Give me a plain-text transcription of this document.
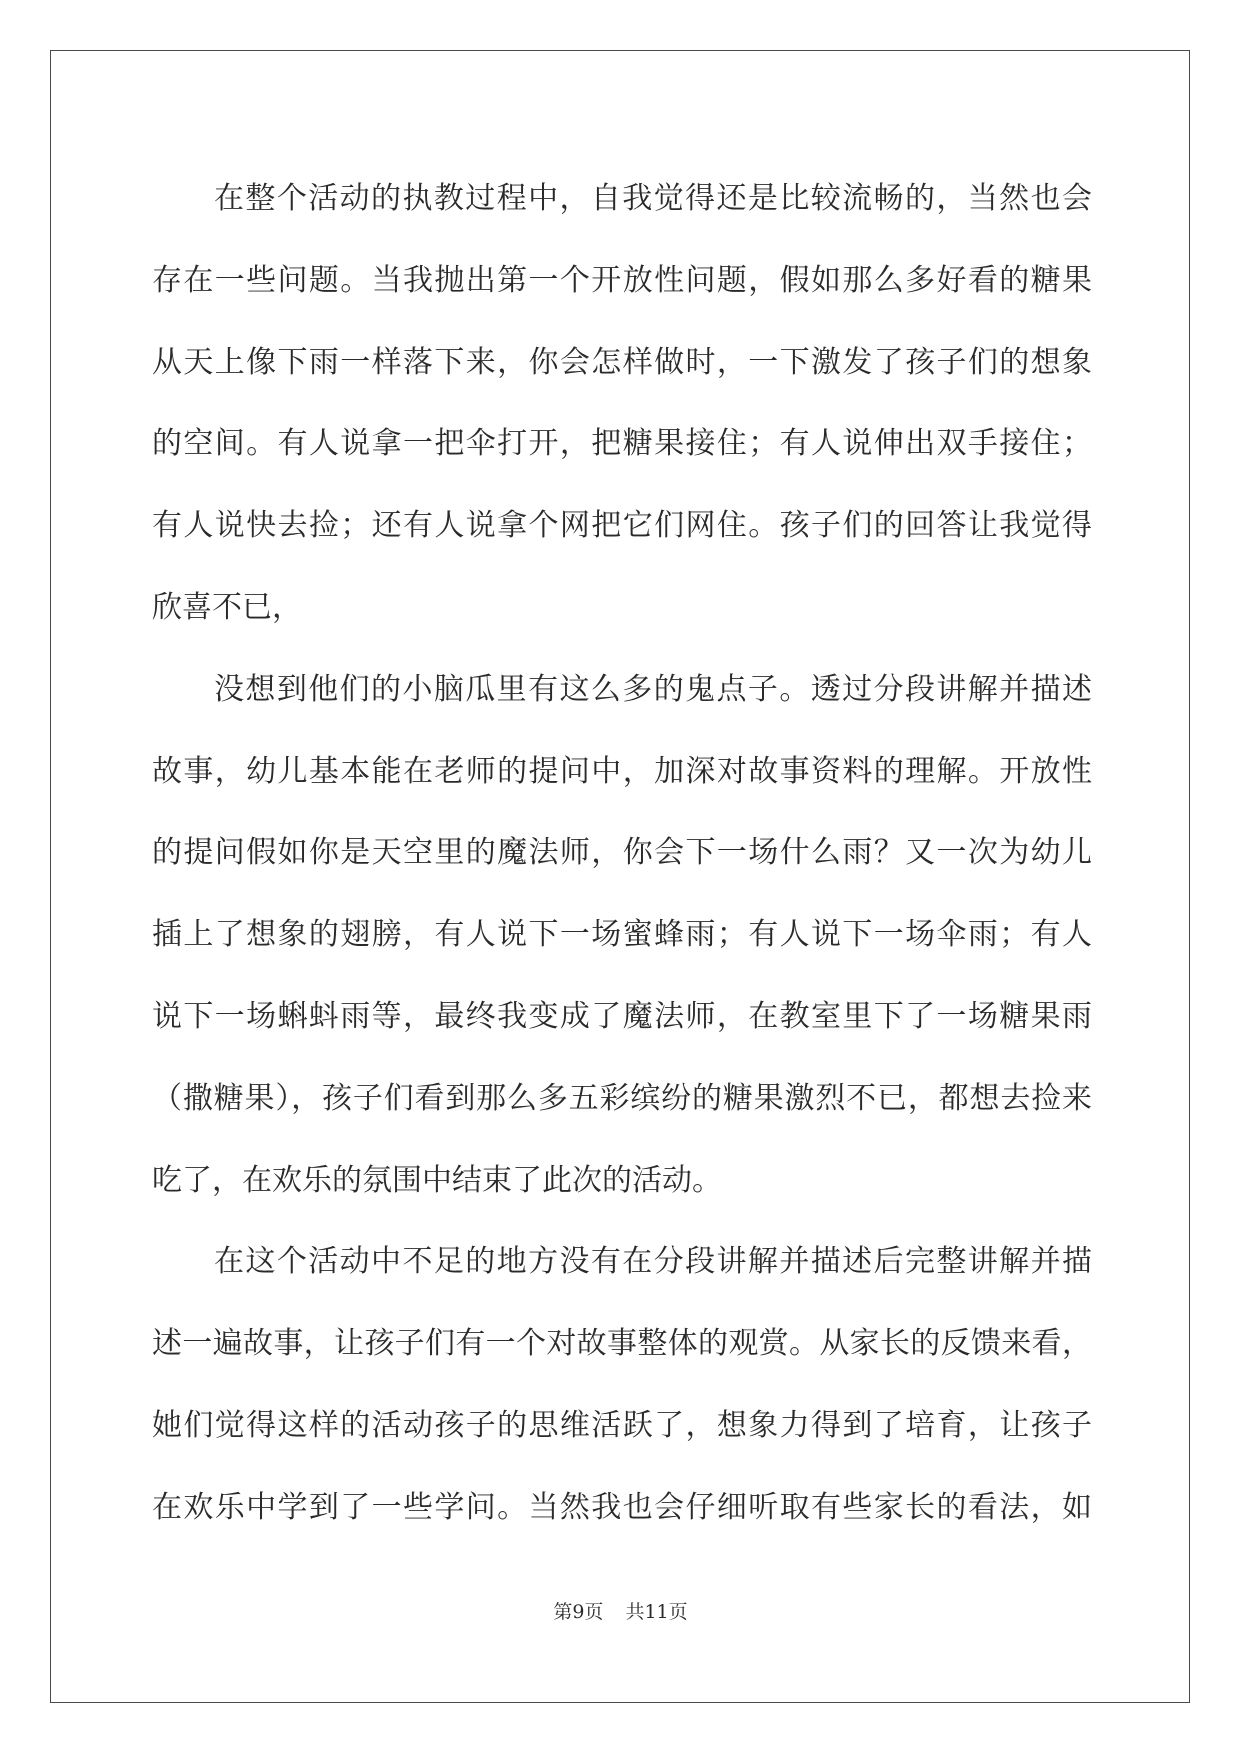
在整个活动的执教过程中，自我觉得还是比较流畅的，当然也会
存在一些问题。当我抛出第一个开放性问题，假如那么多好看的糖果
从天上像下雨一样落下来，你会怎样做时，一下激发了孩子们的想象
的空间。有人说拿一把伞打开，把糖果接住；有人说伸出双手接住；
有人说快去捡；还有人说拿个网把它们网住。孩子们的回答让我觉得
欣喜不已，
没想到他们的小脑瓜里有这么多的鬼点子。透过分段讲解并描述
故事，幼儿基本能在老师的提问中，加深对故事资料的理解。开放性
的提问假如你是天空里的魔法师，你会下一场什么雨？又一次为幼儿
插上了想象的翅膀，有人说下一场蜜蜂雨；有人说下一场伞雨；有人
说下一场蝌蚪雨等，最终我变成了魔法师，在教室里下了一场糖果雨
（撒糖果），孩子们看到那么多五彩缤纷的糖果激烈不已，都想去捡来
吃了，在欢乐的氛围中结束了此次的活动。
在这个活动中不足的地方没有在分段讲解并描述后完整讲解并描
述一遍故事，让孩子们有一个对故事整体的观赏。从家长的反馈来看，
她们觉得这样的活动孩子的思维活跃了，想象力得到了培育，让孩子
在欢乐中学到了一些学问。当然我也会仔细听取有些家长的看法，如
第9页 共11页
